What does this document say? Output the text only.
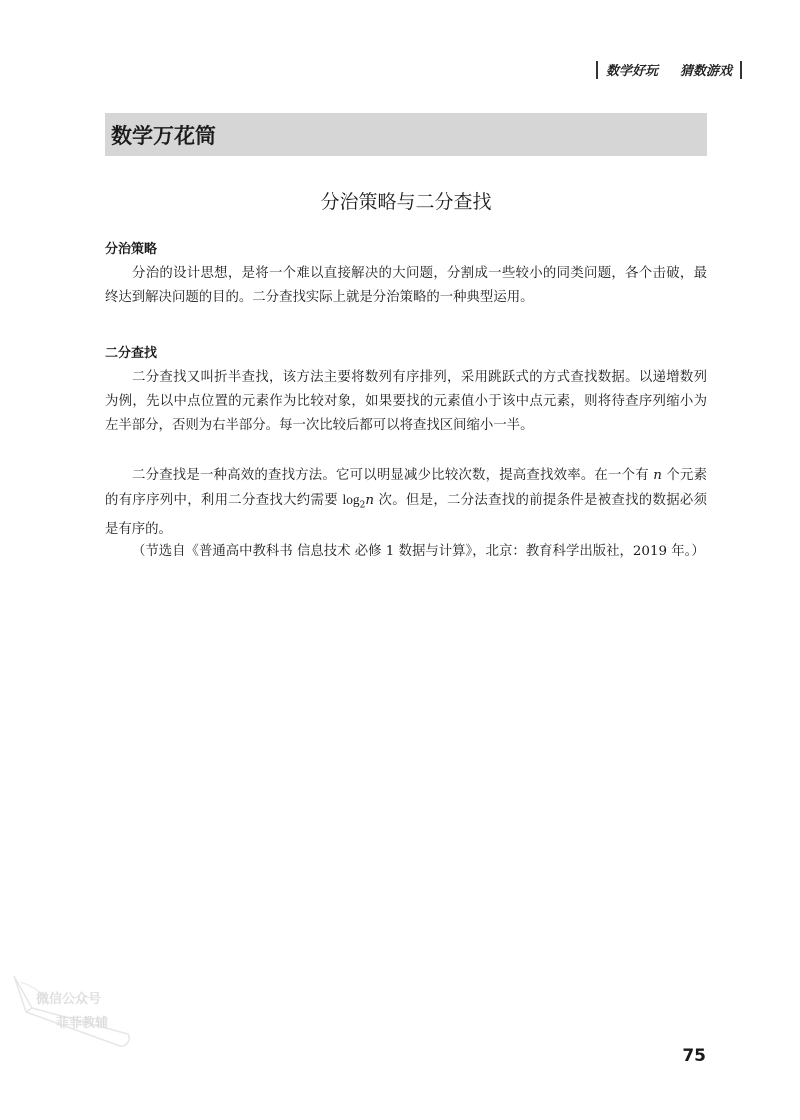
数学好玩 猜数游戏
数学万花筒
分治策略与二分查找
分治策略

分治的设计思想，是将一个难以直接解决的大问题，分割成一些较小的同类问题，各个击破，最终达到解决问题的目的。二分查找实际上就是分治策略的一种典型运用。

二分查找

二分查找又叫折半查找，该方法主要将数列有序排列，采用跳跃式的方式查找数据。以递增数列为例，先以中点位置的元素作为比较对象，如果要找的元素值小于该中点元素，则将待查序列缩小为左半部分，否则为右半部分。每一次比较后都可以将查找区间缩小一半。

二分查找是一种高效的查找方法。它可以明显减少比较次数，提高查找效率。在一个有 n 个元素的有序序列中，利用二分查找大约需要 $\log_2n$ 次。但是，二分法查找的前提条件是被查找的数据必须是有序的。

（节选自《普通高中教科书 信息技术 必修 1 数据与计算》，北京：教育科学出版社，2019 年。）

微信公众号
菲菲教辅
75
